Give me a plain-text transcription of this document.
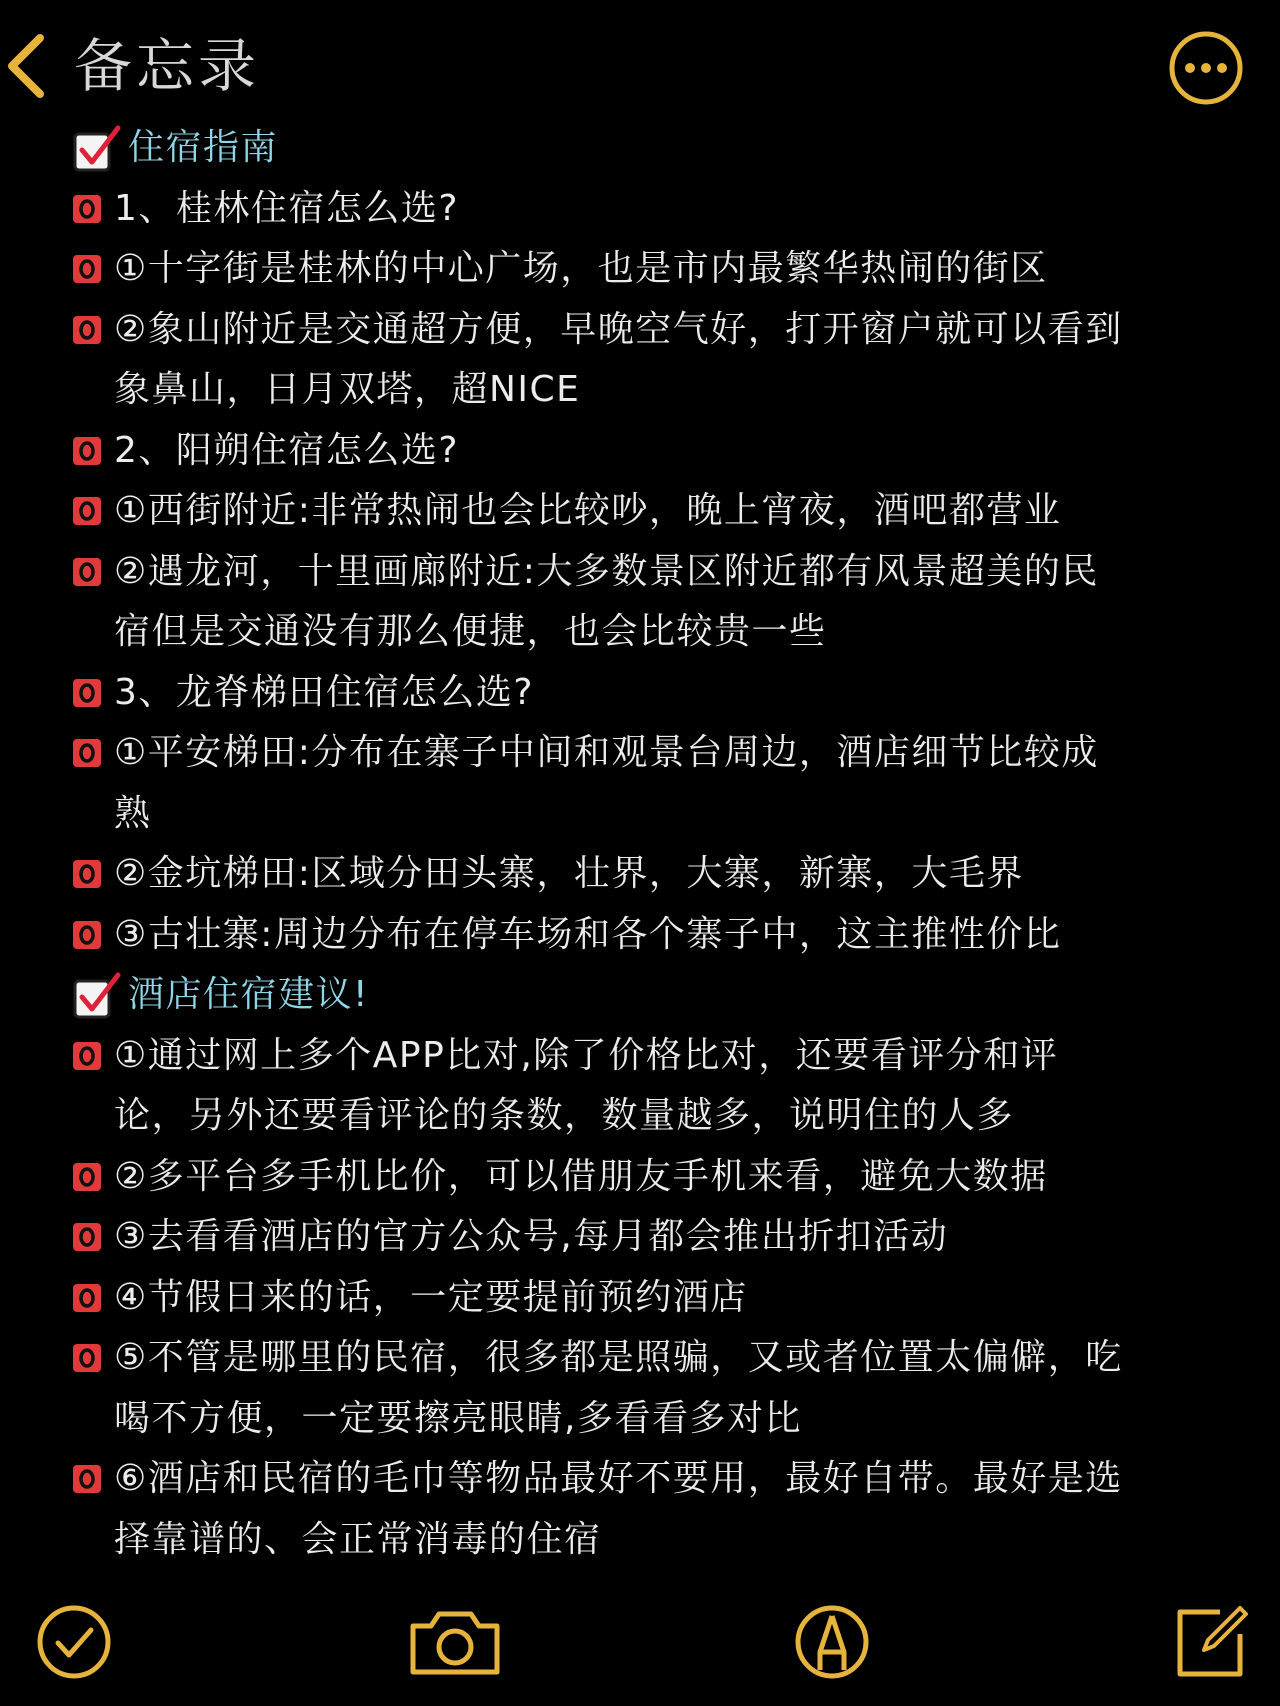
备忘录
住宿指南
1、桂林住宿怎么选?
①十字街是桂林的中心广场，也是市内最繁华热闹的街区
②象山附近是交通超方便，早晚空气好，打开窗户就可以看到
象鼻山，日月双塔，超NICE
2、阳朔住宿怎么选?
①西街附近:非常热闹也会比较吵，晚上宵夜，酒吧都营业
②遇龙河，十里画廊附近:大多数景区附近都有风景超美的民
宿但是交通没有那么便捷，也会比较贵一些
3、龙脊梯田住宿怎么选?
①平安梯田:分布在寨子中间和观景台周边，酒店细节比较成
熟
②金坑梯田:区域分田头寨，壮界，大寨，新寨，大毛界
③古壮寨:周边分布在停车场和各个寨子中，这主推性价比
酒店住宿建议!
①通过网上多个APP比对,除了价格比对，还要看评分和评
论，另外还要看评论的条数，数量越多，说明住的人多
②多平台多手机比价，可以借朋友手机来看，避免大数据
③去看看酒店的官方公众号,每月都会推出折扣活动
④节假日来的话，一定要提前预约酒店
⑤不管是哪里的民宿，很多都是照骗，又或者位置太偏僻，吃
喝不方便，一定要擦亮眼睛,多看看多对比
⑥酒店和民宿的毛巾等物品最好不要用，最好自带。最好是选
择靠谱的、会正常消毒的住宿
